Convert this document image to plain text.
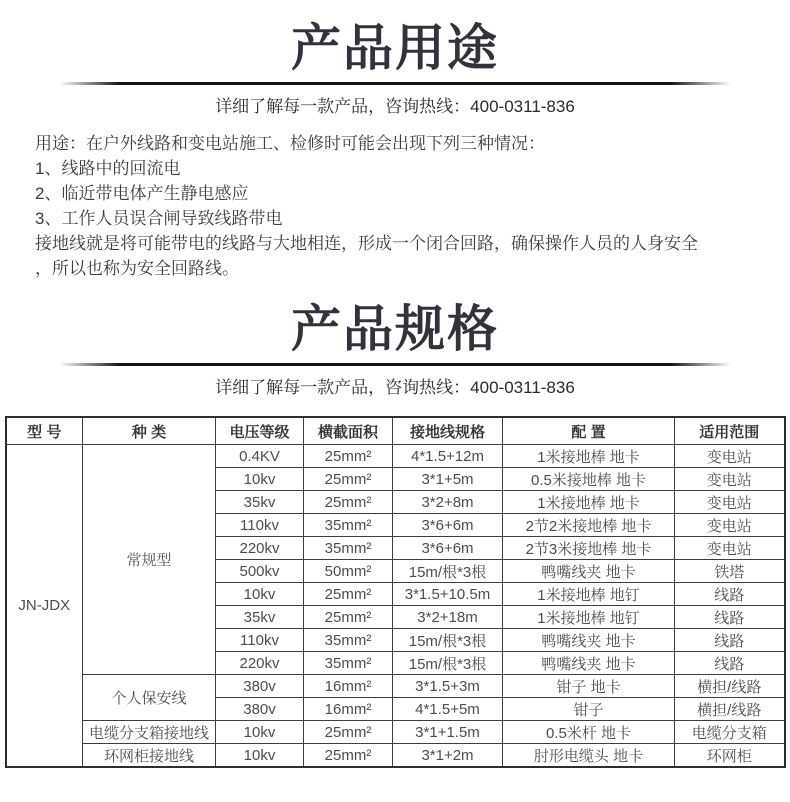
产品用途

详细了解每一款产品，咨询热线：400-0311-836

用途：在户外线路和变电站施工、检修时可能会出现下列三种情况：
1、线路中的回流电
2、临近带电体产生静电感应
3、工作人员误合闸导致线路带电
接地线就是将可能带电的线路与大地相连，形成一个闭合回路，确保操作人员的人身安全
，所以也称为安全回路线。
产品规格

详细了解每一款产品，咨询热线：400-0311-836

型 号	种 类	电压等级	横截面积	接地线规格	配 置	适用范围
JN-JDX	常规型	0.4KV	25mm²	4*1.5+12m	1米接地棒 地卡	变电站
		10kv	25mm²	3*1+5m	0.5米接地棒 地卡	变电站
		35kv	25mm²	3*2+8m	1米接地棒 地卡	变电站
		110kv	35mm²	3*6+6m	2节2米接地棒 地卡	变电站
		220kv	35mm²	3*6+6m	2节3米接地棒 地卡	变电站
		500kv	50mm²	15m/根*3根	鸭嘴线夹 地卡	铁塔
		10kv	25mm²	3*1.5+10.5m	1米接地棒 地钉	线路
		35kv	25mm²	3*2+18m	1米接地棒 地钉	线路
		110kv	35mm²	15m/根*3根	鸭嘴线夹 地卡	线路
		220kv	35mm²	15m/根*3根	鸭嘴线夹 地卡	线路
	个人保安线	380v	16mm²	3*1.5+3m	钳子 地卡	横担/线路
		380v	16mm²	4*1.5+5m	钳子	横担/线路
	电缆分支箱接地线	10kv	25mm²	3*1+1.5m	0.5米杆 地卡	电缆分支箱
	环网柜接地线	10kv	25mm²	3*1+2m	肘形电缆头 地卡	环网柜
